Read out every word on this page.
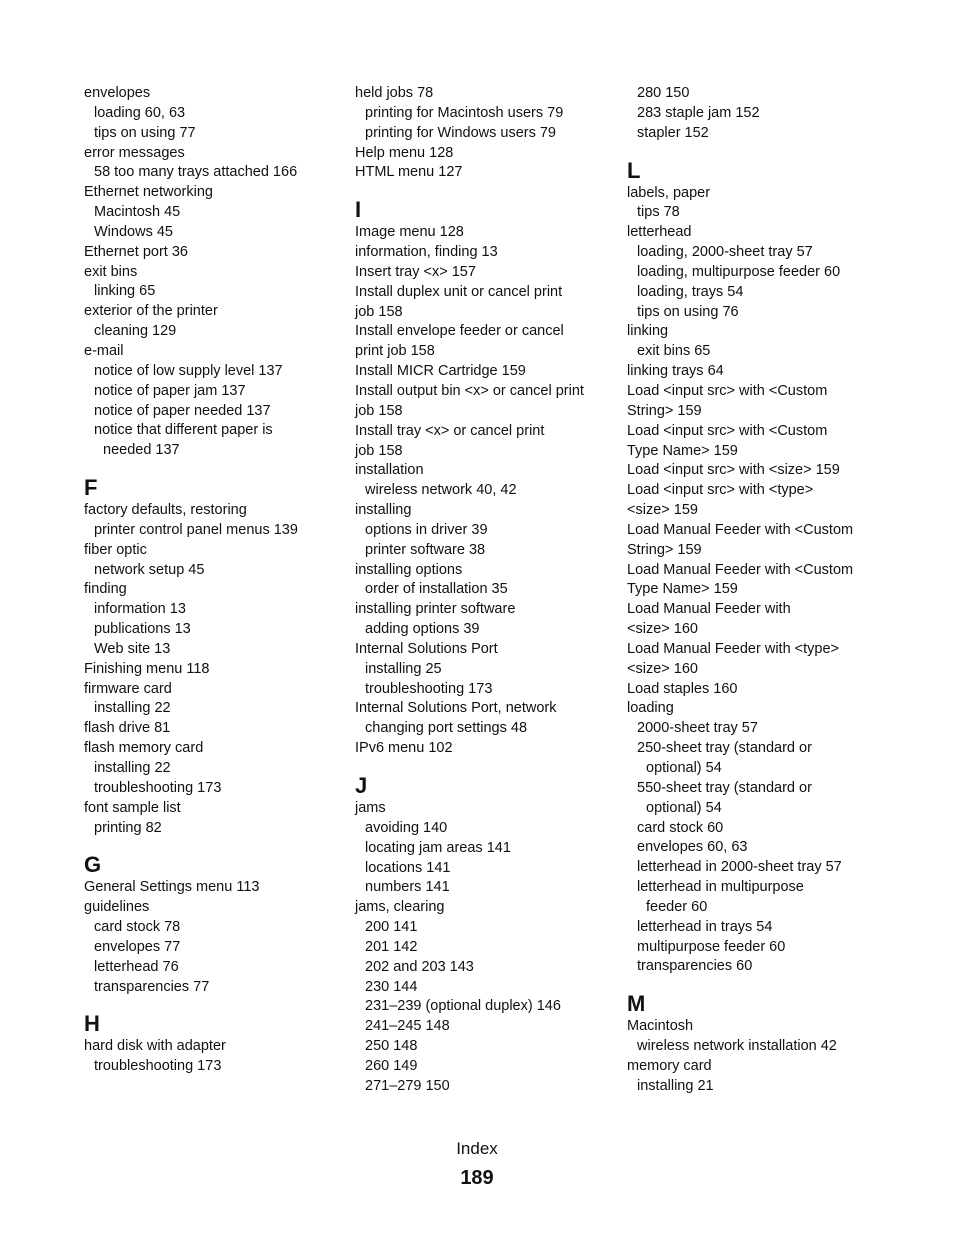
envelopes
loading 60, 63
tips on using 77
error messages
58 too many trays attached 166
Ethernet networking
Macintosh 45
Windows 45
Ethernet port 36
exit bins
linking 65
exterior of the printer
cleaning 129
e-mail
notice of low supply level 137
notice of paper jam 137
notice of paper needed 137
notice that different paper is
needed 137
F
factory defaults, restoring
printer control panel menus 139
fiber optic
network setup 45
finding
information 13
publications 13
Web site 13
Finishing menu 118
firmware card
installing 22
flash drive 81
flash memory card
installing 22
troubleshooting 173
font sample list
printing 82
G
General Settings menu 113
guidelines
card stock 78
envelopes 77
letterhead 76
transparencies 77
H
hard disk with adapter
troubleshooting 173
held jobs 78
printing for Macintosh users 79
printing for Windows users 79
Help menu 128
HTML menu 127
I
Image menu 128
information, finding 13
Insert tray <x> 157
Install duplex unit or cancel print
job 158
Install envelope feeder or cancel
print job 158
Install MICR Cartridge 159
Install output bin <x> or cancel print
job 158
Install tray <x> or cancel print
job 158
installation
wireless network 40, 42
installing
options in driver 39
printer software 38
installing options
order of installation 35
installing printer software
adding options 39
Internal Solutions Port
installing 25
troubleshooting 173
Internal Solutions Port, network
changing port settings 48
IPv6 menu 102
J
jams
avoiding 140
locating jam areas 141
locations 141
numbers 141
jams, clearing
200 141
201 142
202 and 203 143
230 144
231–239 (optional duplex) 146
241–245 148
250 148
260 149
271–279 150
280 150
283 staple jam 152
stapler 152
L
labels, paper
tips 78
letterhead
loading, 2000-sheet tray 57
loading, multipurpose feeder 60
loading, trays 54
tips on using 76
linking
exit bins 65
linking trays 64
Load <input src> with <Custom
String> 159
Load <input src> with <Custom
Type Name> 159
Load <input src> with <size> 159
Load <input src> with <type>
<size> 159
Load Manual Feeder with <Custom
String> 159
Load Manual Feeder with <Custom
Type Name> 159
Load Manual Feeder with
<size> 160
Load Manual Feeder with <type>
<size> 160
Load staples 160
loading
2000-sheet tray 57
250-sheet tray (standard or
optional) 54
550-sheet tray (standard or
optional) 54
card stock 60
envelopes 60, 63
letterhead in 2000-sheet tray 57
letterhead in multipurpose
feeder 60
letterhead in trays 54
multipurpose feeder 60
transparencies 60
M
Macintosh
wireless network installation 42
memory card
installing 21
Index
189
